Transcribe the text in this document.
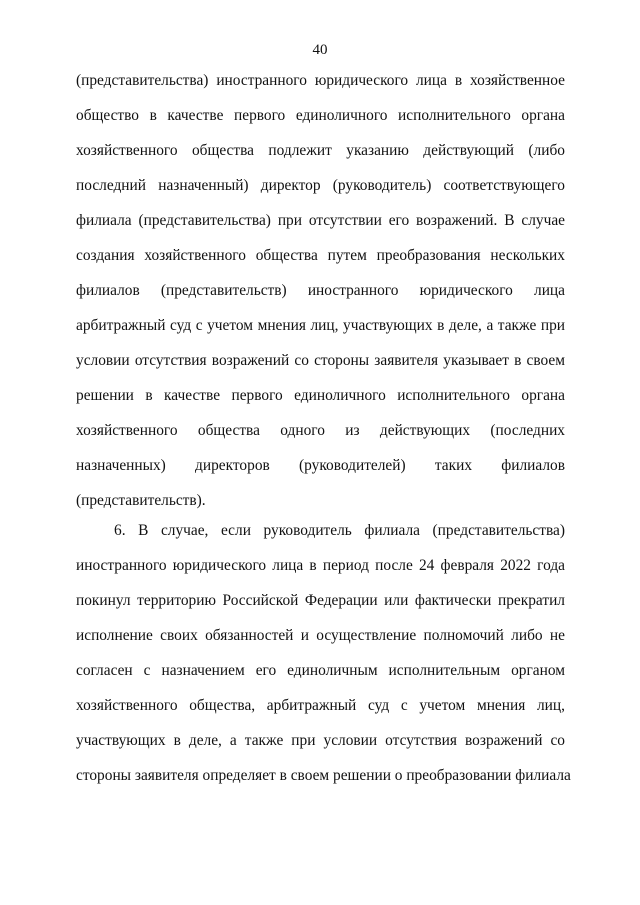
40
(представительства) иностранного юридического лица в хозяйственное
общество в качестве первого единоличного исполнительного органа
хозяйственного общества подлежит указанию действующий (либо
последний назначенный) директор (руководитель) соответствующего
филиала (представительства) при отсутствии его возражений. В случае
создания хозяйственного общества путем преобразования нескольких
филиалов (представительств) иностранного юридического лица
арбитражный суд с учетом мнения лиц, участвующих в деле, а также при
условии отсутствия возражений со стороны заявителя указывает в своем
решении в качестве первого единоличного исполнительного органа
хозяйственного общества одного из действующих (последних
назначенных) директоров (руководителей) таких филиалов
(представительств).
6. В случае, если руководитель филиала (представительства)
иностранного юридического лица в период после 24 февраля 2022 года
покинул территорию Российской Федерации или фактически прекратил
исполнение своих обязанностей и осуществление полномочий либо не
согласен с назначением его единоличным исполнительным органом
хозяйственного общества, арбитражный суд с учетом мнения лиц,
участвующих в деле, а также при условии отсутствия возражений со
стороны заявителя определяет в своем решении о преобразовании филиала
